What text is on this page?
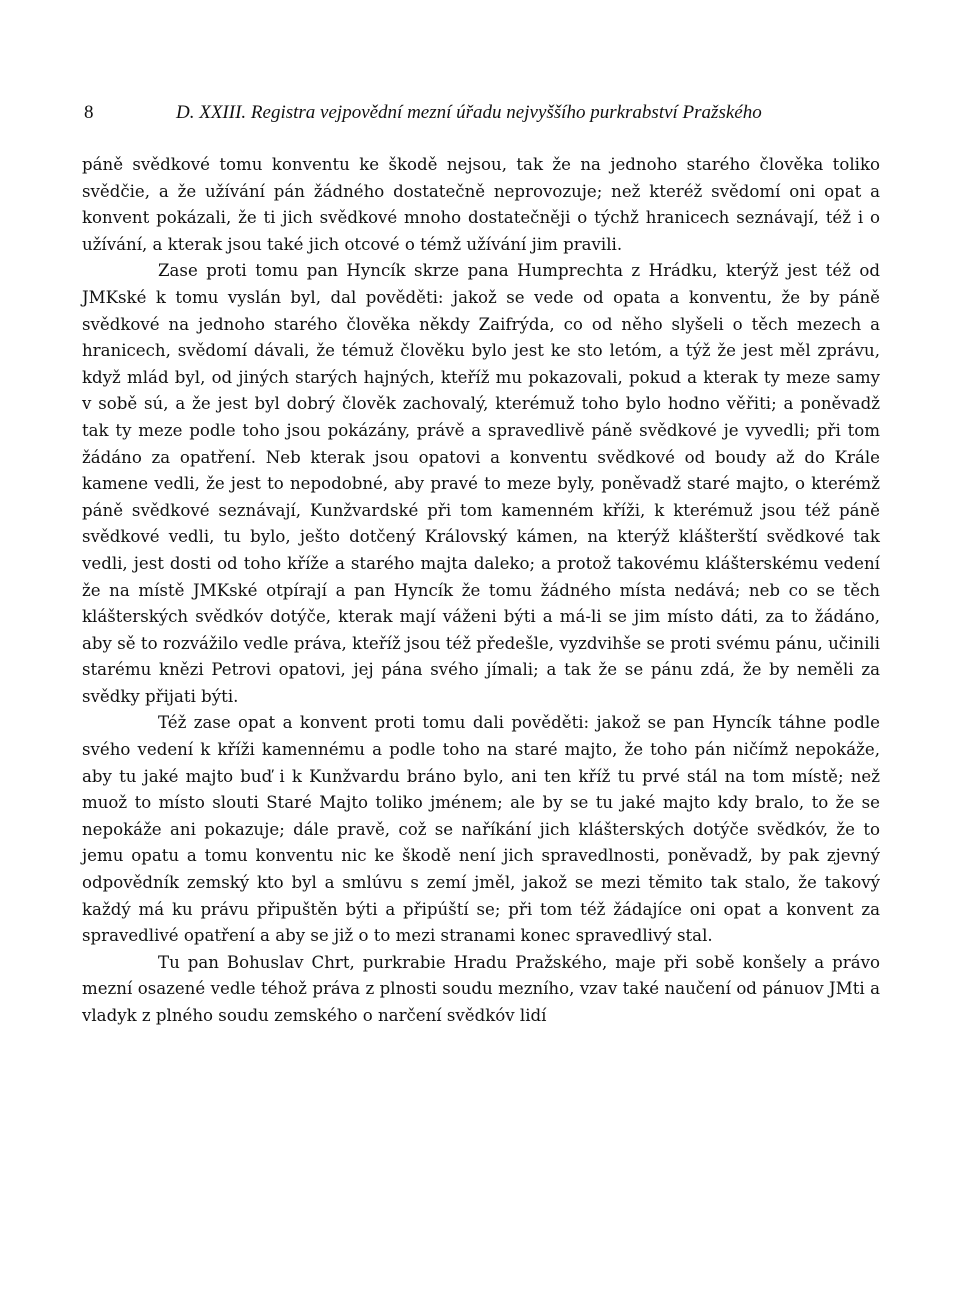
8	D. XXIII. Registra vejpovědní mezní úřadu nejvyššího purkrabství Pražského

páně svědkové tomu konventu ke škodě nejsou, tak že na jednoho starého člověka toliko svědčie, a že užívání pán žádného dostatečně neprovozuje; než kteréž svědomí oni opat a konvent pokázali, že ti jich svědkové mnoho dostatečněji o týchž hranicech seznávají, též i o užívání, a kterak jsou také jich otcové o témž užívání jim pravili.

Zase proti tomu pan Hyncík skrze pana Humprechta z Hrádku, kterýž jest též od JMKské k tomu vyslán byl, dal pověděti: jakož se vede od opata a konventu, že by páně svědkové na jednoho starého člověka někdy Zaifrýda, co od něho slyšeli o těch mezech a hranicech, svědomí dávali, že témuž člověku bylo jest ke sto letóm, a týž že jest měl zprávu, když mlád byl, od jiných starých hajných, kteříž mu pokazovali, pokud a kterak ty meze samy v sobě sú, a že jest byl dobrý člověk zachovalý, kterémuž toho bylo hodno věřiti; a poněvadž tak ty meze podle toho jsou pokázány, právě a spravedlivě páně svědkové je vyvedli; při tom žádáno za opatření. Neb kterak jsou opatovi a konventu svědkové od boudy až do Krále kamene vedli, že jest to nepodobné, aby pravé to meze byly, poněvadž staré majto, o kterémž páně svědkové seznávají, Kunžvardské při tom kamenném kříži, k kterémuž jsou též páně svědkové vedli, tu bylo, ješto dotčený Královský kámen, na kterýž klášterští svědkové tak vedli, jest dosti od toho kříže a starého majta daleko; a protož takovému klášterskému vedení že na místě JMKské otpírají a pan Hyncík že tomu žádného místa nedává; neb co se těch klášterských svědkóv dotýče, kterak mají váženi býti a má-li se jim místo dáti, za to žádáno, aby sě to rozvážilo vedle práva, kteříž jsou též předešle, vyzdvihše se proti svému pánu, učinili starému knězi Petrovi opatovi, jej pána svého jímali; a tak že se pánu zdá, že by neměli za svědky přijati býti.

Též zase opat a konvent proti tomu dali pověděti: jakož se pan Hyncík táhne podle svého vedení k kříži kamennému a podle toho na staré majto, že toho pán ničímž nepokáže, aby tu jaké majto buď i k Kunžvardu bráno bylo, ani ten kříž tu prvé stál na tom místě; než muož to místo slouti Staré Majto toliko jménem; ale by se tu jaké majto kdy bralo, to že se nepokáže ani pokazuje; dále pravě, což se naříkání jich klášterských dotýče svědkóv, že to jemu opatu a tomu konventu nic ke škodě není jich spravedlnosti, poněvadž, by pak zjevný odpovědník zemský kto byl a smlúvu s zemí jměl, jakož se mezi těmito tak stalo, že takový každý má ku právu připuštěn býti a připúští se; při tom též žádajíce oni opat a konvent za spravedlivé opatření a aby se již o to mezi stranami konec spravedlivý stal.

Tu pan Bohuslav Chrt, purkrabie Hradu Pražského, maje při sobě konšely a právo mezní osazené vedle téhož práva z plnosti soudu mezního, vzav také naučení od pánuov JMti a vladyk z plného soudu zemského o narčení svědkóv lidí
